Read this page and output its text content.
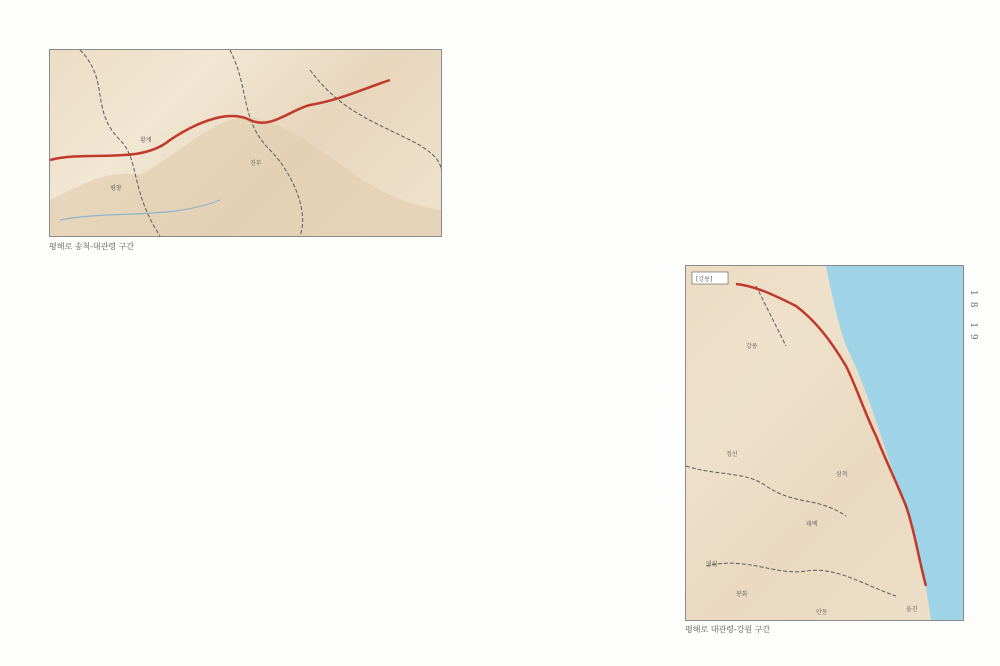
황계
진부
평창
평해로 송척-대관령 구간
18 19
[강릉]
강릉
정선
삼척
태백
영월
봉화
안동	울진
평해로 대관령-강원 구간
